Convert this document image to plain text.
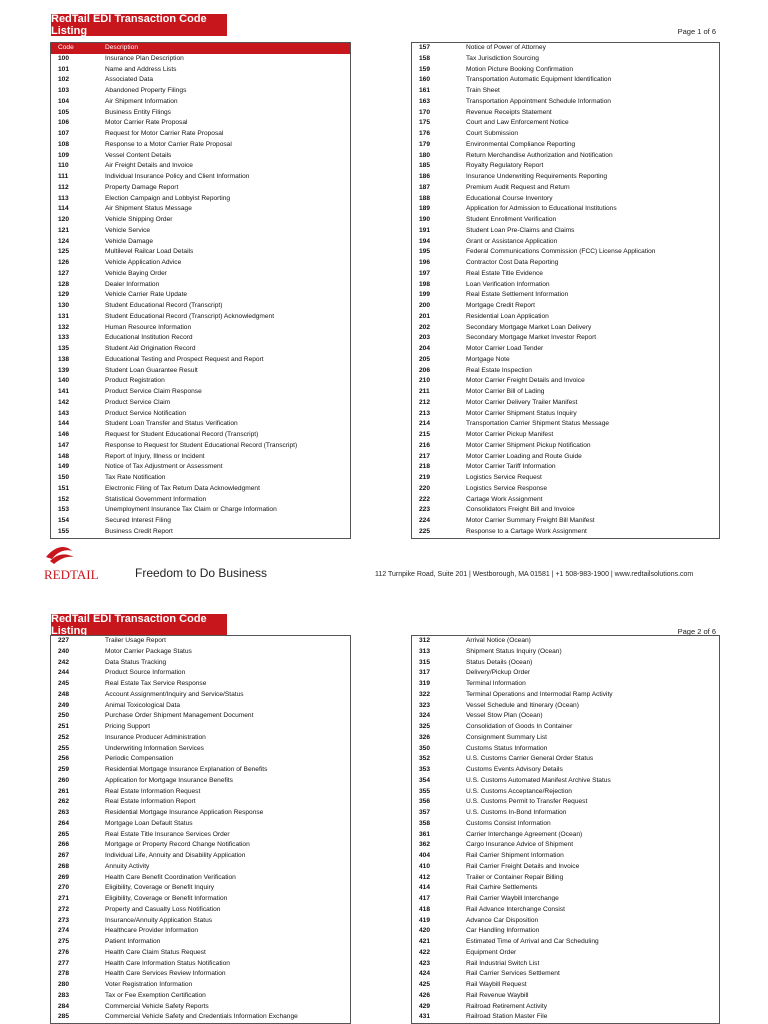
RedTail EDI Transaction Code Listing	Page 1 of 6
Code	Description
100	Insurance Plan Description
101	Name and Address Lists
102	Associated Data
103	Abandoned Property Filings
104	Air Shipment Information
105	Business Entity Filings
106	Motor Carrier Rate Proposal
107	Request for Motor Carrier Rate Proposal
108	Response to a Motor Carrier Rate Proposal
109	Vessel Content Details
110	Air Freight Details and Invoice
111	Individual Insurance Policy and Client Information
112	Property Damage Report
113	Election Campaign and Lobbyist Reporting
114	Air Shipment Status Message
120	Vehicle Shipping Order
121	Vehicle Service
124	Vehicle Damage
125	Multilevel Railcar Load Details
126	Vehicle Application Advice
127	Vehicle Baying Order
128	Dealer Information
129	Vehicle Carrier Rate Update
130	Student Educational Record (Transcript)
131	Student Educational Record (Transcript) Acknowledgment
132	Human Resource Information
133	Educational Institution Record
135	Student Aid Origination Record
138	Educational Testing and Prospect Request and Report
139	Student Loan Guarantee Result
140	Product Registration
141	Product Service Claim Response
142	Product Service Claim
143	Product Service Notification
144	Student Loan Transfer and Status Verification
146	Request for Student Educational Record (Transcript)
147	Response to Request for Student Educational Record (Transcript)
148	Report of Injury, Illness or Incident
149	Notice of Tax Adjustment or Assessment
150	Tax Rate Notification
151	Electronic Filing of Tax Return Data Acknowledgment
152	Statistical Government Information
153	Unemployment Insurance Tax Claim or Charge Information
154	Secured Interest Filing
155	Business Credit Report
157	Notice of Power of Attorney
158	Tax Jurisdiction Sourcing
159	Motion Picture Booking Confirmation
160	Transportation Automatic Equipment Identification
161	Train Sheet
163	Transportation Appointment Schedule Information
170	Revenue Receipts Statement
175	Court and Law Enforcement Notice
176	Court Submission
179	Environmental Compliance Reporting
180	Return Merchandise Authorization and Notification
185	Royalty Regulatory Report
186	Insurance Underwriting Requirements Reporting
187	Premium Audit Request and Return
188	Educational Course Inventory
189	Application for Admission to Educational Institutions
190	Student Enrollment Verification
191	Student Loan Pre-Claims and Claims
194	Grant or Assistance Application
195	Federal Communications Commission (FCC) License Application
196	Contractor Cost Data Reporting
197	Real Estate Title Evidence
198	Loan Verification Information
199	Real Estate Settlement Information
200	Mortgage Credit Report
201	Residential Loan Application
202	Secondary Mortgage Market Loan Delivery
203	Secondary Mortgage Market Investor Report
204	Motor Carrier Load Tender
205	Mortgage Note
206	Real Estate Inspection
210	Motor Carrier Freight Details and Invoice
211	Motor Carrier Bill of Lading
212	Motor Carrier Delivery Trailer Manifest
213	Motor Carrier Shipment Status Inquiry
214	Transportation Carrier Shipment Status Message
215	Motor Carrier Pickup Manifest
216	Motor Carrier Shipment Pickup Notification
217	Motor Carrier Loading and Route Guide
218	Motor Carrier Tariff Information
219	Logistics Service Request
220	Logistics Service Response
222	Cartage Work Assignment
223	Consolidators Freight Bill and Invoice
224	Motor Carrier Summary Freight Bill Manifest
225	Response to a Cartage Work Assignment
REDTAIL	Freedom to Do Business	112 Turnpike Road, Suite 201 | Westborough, MA 01581 | +1 508-983-1900 | www.redtailsolutions.com
RedTail EDI Transaction Code Listing	Page 2 of 6
227	Trailer Usage Report
240	Motor Carrier Package Status
242	Data Status Tracking
244	Product Source Information
245	Real Estate Tax Service Response
248	Account Assignment/Inquiry and Service/Status
249	Animal Toxicological Data
250	Purchase Order Shipment Management Document
251	Pricing Support
252	Insurance Producer Administration
255	Underwriting Information Services
256	Periodic Compensation
259	Residential Mortgage Insurance Explanation of Benefits
260	Application for Mortgage Insurance Benefits
261	Real Estate Information Request
262	Real Estate Information Report
263	Residential Mortgage Insurance Application Response
264	Mortgage Loan Default Status
265	Real Estate Title Insurance Services Order
266	Mortgage or Property Record Change Notification
267	Individual Life, Annuity and Disability Application
268	Annuity Activity
269	Health Care Benefit Coordination Verification
270	Eligibility, Coverage or Benefit Inquiry
271	Eligibility, Coverage or Benefit Information
272	Property and Casualty Loss Notification
273	Insurance/Annuity Application Status
274	Healthcare Provider Information
275	Patient Information
276	Health Care Claim Status Request
277	Health Care Information Status Notification
278	Health Care Services Review Information
280	Voter Registration Information
283	Tax or Fee Exemption Certification
284	Commercial Vehicle Safety Reports
285	Commercial Vehicle Safety and Credentials Information Exchange
312	Arrival Notice (Ocean)
313	Shipment Status Inquiry (Ocean)
315	Status Details (Ocean)
317	Delivery/Pickup Order
319	Terminal Information
322	Terminal Operations and Intermodal Ramp Activity
323	Vessel Schedule and Itinerary (Ocean)
324	Vessel Stow Plan (Ocean)
325	Consolidation of Goods In Container
326	Consignment Summary List
350	Customs Status Information
352	U.S. Customs Carrier General Order Status
353	Customs Events Advisory Details
354	U.S. Customs Automated Manifest Archive Status
355	U.S. Customs Acceptance/Rejection
356	U.S. Customs Permit to Transfer Request
357	U.S. Customs In-Bond Information
358	Customs Consist Information
361	Carrier Interchange Agreement (Ocean)
362	Cargo Insurance Advice of Shipment
404	Rail Carrier Shipment Information
410	Rail Carrier Freight Details and Invoice
412	Trailer or Container Repair Billing
414	Rail Carhire Settlements
417	Rail Carrier Waybill Interchange
418	Rail Advance Interchange Consist
419	Advance Car Disposition
420	Car Handling Information
421	Estimated Time of Arrival and Car Scheduling
422	Equipment Order
423	Rail Industrial Switch List
424	Rail Carrier Services Settlement
425	Rail Waybill Request
426	Rail Revenue Waybill
429	Railroad Retirement Activity
431	Railroad Station Master File
